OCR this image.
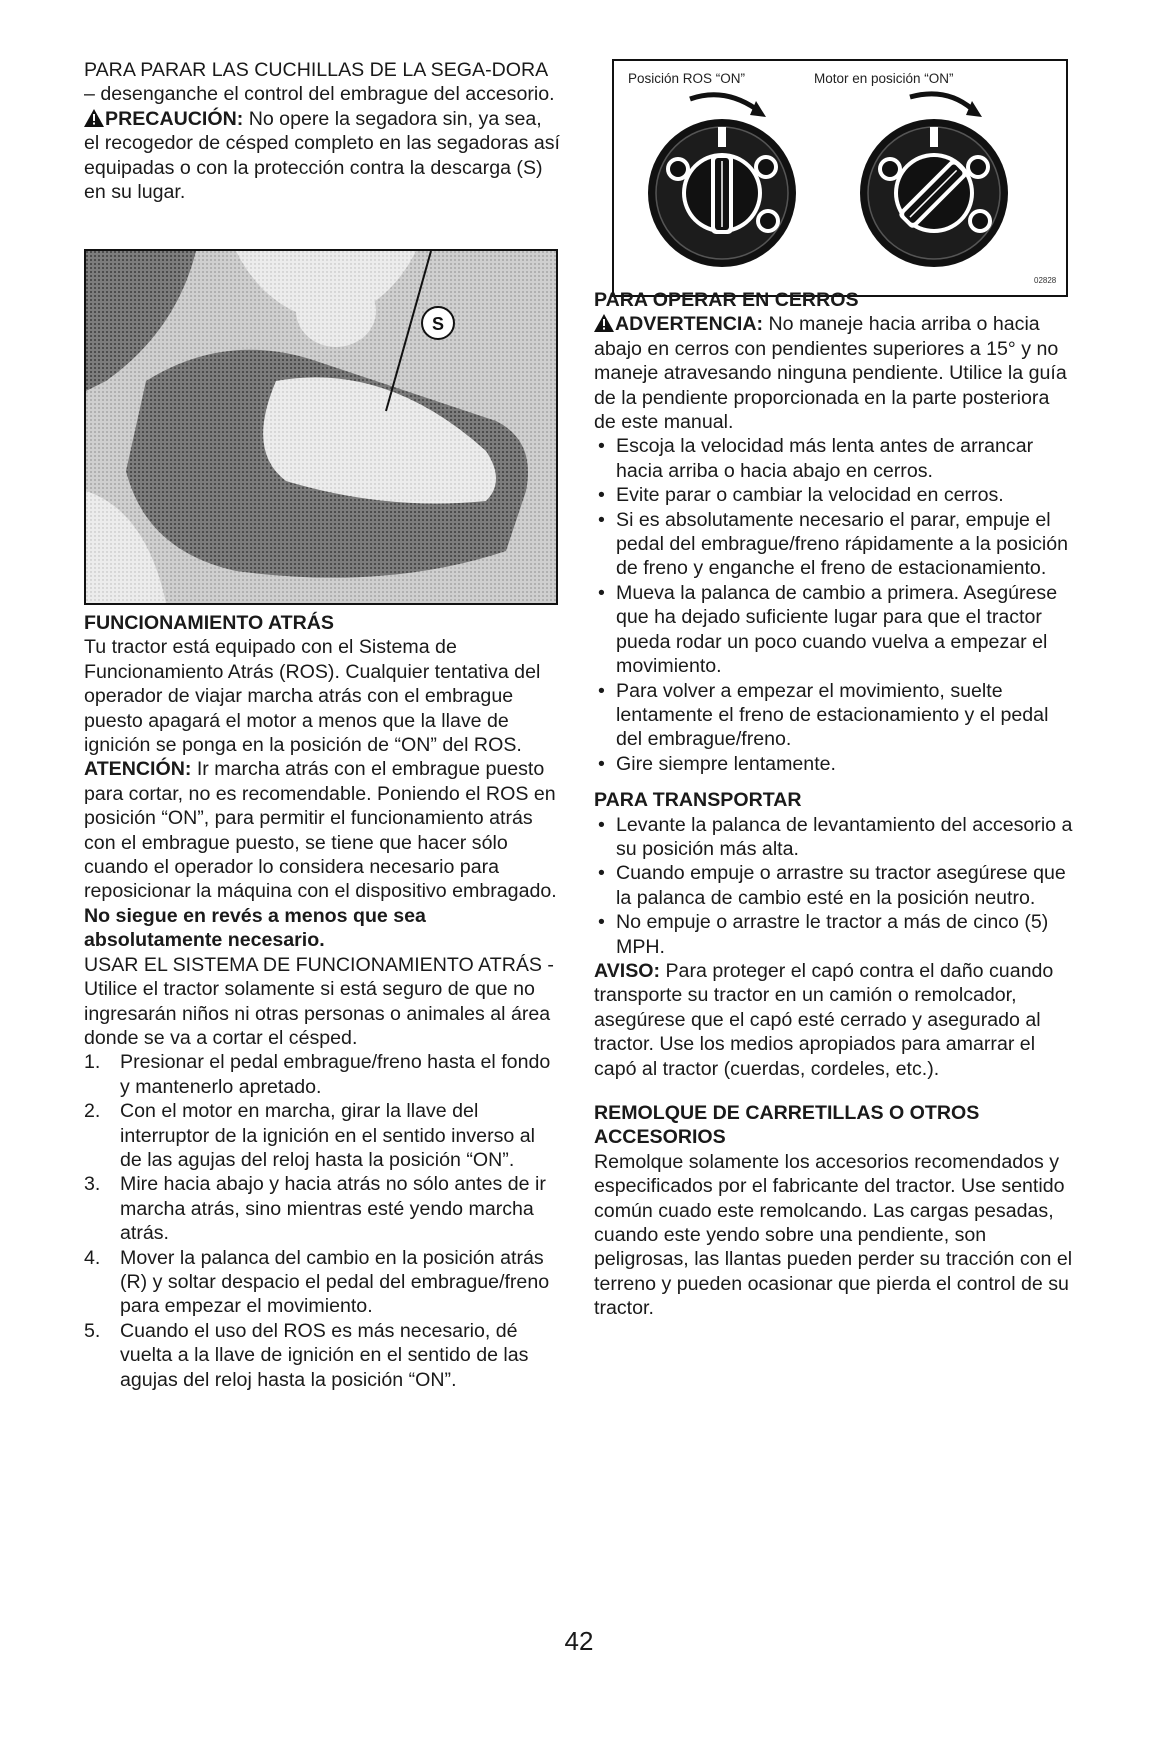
PARA PARAR LAS CUCHILLAS DE LA SEGA-DORA – desenganche el control del embrague del accesorio.

PRECAUCIÓN: No opere la segadora sin, ya sea, el recogedor de césped completo en las segadoras así equipadas o con la protección contra la descarga (S) en su lugar.

S

FUNCIONAMIENTO ATRÁS

Tu tractor está equipado con el Sistema de Funcionamiento Atrás (ROS). Cualquier tentativa del operador de viajar marcha atrás con el embrague puesto apagará el motor a menos que la llave de ignición se ponga en la posición de “ON” del ROS.

ATENCIÓN: Ir marcha atrás con el embrague puesto para cortar, no es recomendable. Poniendo el ROS en posición “ON”, para permitir el funcionamiento atrás con el embrague puesto, se tiene que hacer sólo cuando el operador lo considera necesario para reposicionar la máquina con el dispositivo embragado. No siegue en revés a menos que sea absolutamente necesario.

USAR EL SISTEMA DE FUNCIONAMIENTO ATRÁS -

Utilice el tractor solamente si está seguro de que no ingresarán niños ni otras personas o animales al área donde se va a cortar el césped.

1.	Presionar el pedal embrague/freno hasta el fondo y mantenerlo apretado.
2.	Con el motor en marcha, girar la llave del interruptor de la ignición en el sentido inverso al de las agujas del reloj hasta la posición “ON”.
3.	Mire hacia abajo y hacia atrás no sólo antes de ir marcha atrás, sino mientras esté yendo marcha atrás.
4.	Mover la palanca del cambio en la posición atrás (R) y soltar despacio el pedal del embrague/freno para empezar el movimiento.
5.	Cuando el uso del ROS es más necesario, dé vuelta a la llave de ignición en el sentido de las agujas del reloj hasta la posición “ON”.
Posición ROS “ON”	Motor en posición “ON”
02828

PARA OPERAR EN CERROS

ADVERTENCIA: No maneje hacia arriba o hacia abajo en cerros con pendientes superiores a 15° y no maneje atravesando ninguna pendiente. Utilice la guía de la pendiente proporcionada en la parte posteriora de este manual.

• Escoja la velocidad más lenta antes de arrancar hacia arriba o hacia abajo en cerros.
• Evite parar o cambiar la velocidad en cerros.
• Si es absolutamente necesario el parar, empuje el pedal del embrague/freno rápidamente a la posición de freno y enganche el freno de estacionamiento.
• Mueva la palanca de cambio a primera. Asegúrese que ha dejado suficiente lugar para que el tractor pueda rodar un poco cuando vuelva a empezar el movimiento.
• Para volver a empezar el movimiento, suelte lentamente el freno de estacionamiento y el pedal del embrague/freno.
• Gire siempre lentamente.

PARA TRANSPORTAR

• Levante la palanca de levantamiento del accesorio a su posición más alta.
• Cuando empuje o arrastre su tractor asegúrese que la palanca de cambio esté en la posición neutro.
• No empuje o arrastre le tractor a más de cinco (5) MPH.

AVISO: Para proteger el capó contra el daño cuando transporte su tractor en un camión o remolcador, asegúrese que el capó esté cerrado y asegurado al tractor. Use los medios apropiados para amarrar el capó al tractor (cuerdas, cordeles, etc.).

REMOLQUE DE CARRETILLAS O OTROS ACCESORIOS

Remolque solamente los accesorios recomendados y especificados por el fabricante del tractor. Use sentido común cuado este remolcando. Las cargas pesadas, cuando este yendo sobre una pendiente, son peligrosas, las llantas pueden perder su tracción con el terreno y pueden ocasionar que pierda el control de su tractor.

42
